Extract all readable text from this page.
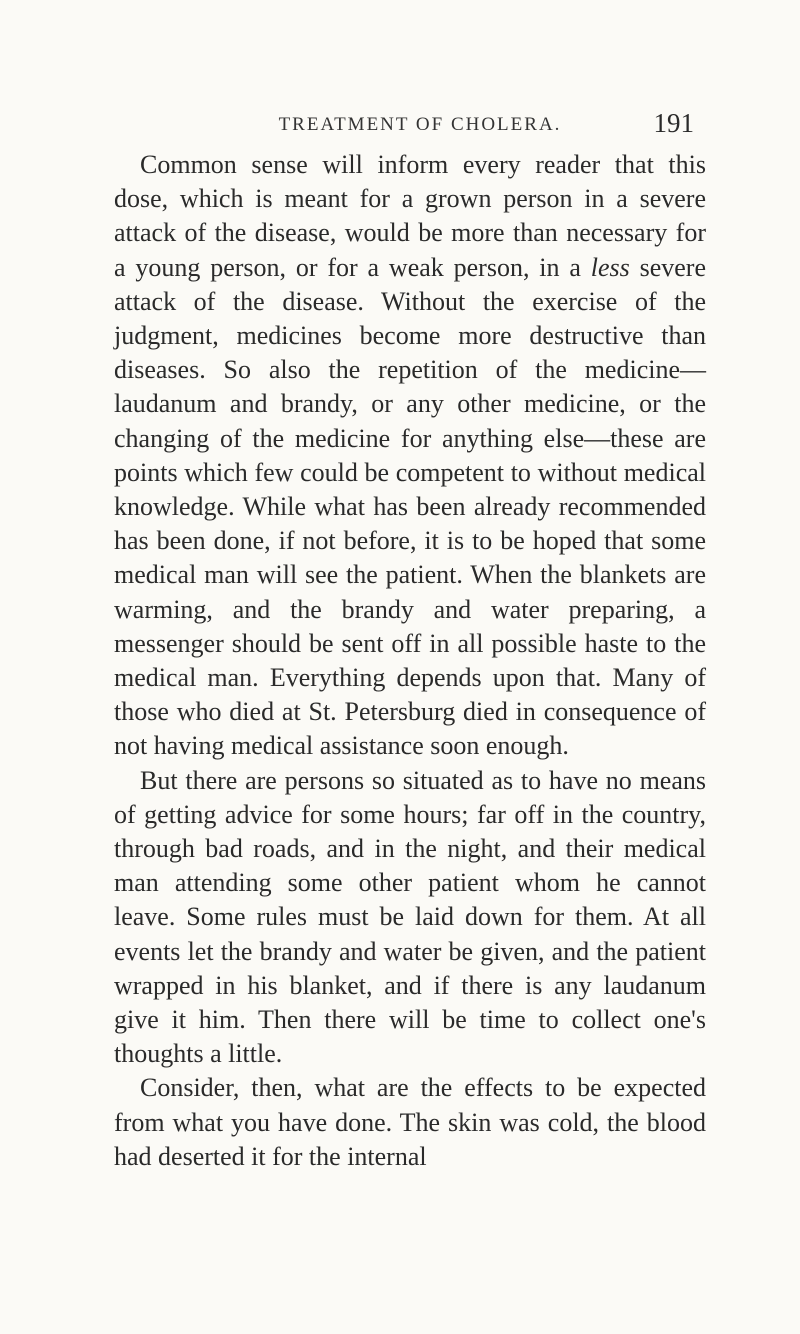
TREATMENT OF CHOLERA.	191

Common sense will inform every reader that this dose, which is meant for a grown person in a severe attack of the disease, would be more than necessary for a young person, or for a weak person, in a less severe attack of the disease. Without the exercise of the judgment, medicines become more destructive than diseases. So also the repetition of the medicine—laudanum and brandy, or any other medicine, or the changing of the medicine for anything else—these are points which few could be competent to without medical knowledge. While what has been already recommended has been done, if not before, it is to be hoped that some medical man will see the patient. When the blankets are warming, and the brandy and water preparing, a messenger should be sent off in all possible haste to the medical man. Everything depends upon that. Many of those who died at St. Petersburg died in consequence of not having medical assistance soon enough.

But there are persons so situated as to have no means of getting advice for some hours; far off in the country, through bad roads, and in the night, and their medical man attending some other patient whom he cannot leave. Some rules must be laid down for them. At all events let the brandy and water be given, and the patient wrapped in his blanket, and if there is any laudanum give it him. Then there will be time to collect one's thoughts a little.

Consider, then, what are the effects to be expected from what you have done. The skin was cold, the blood had deserted it for the internal
